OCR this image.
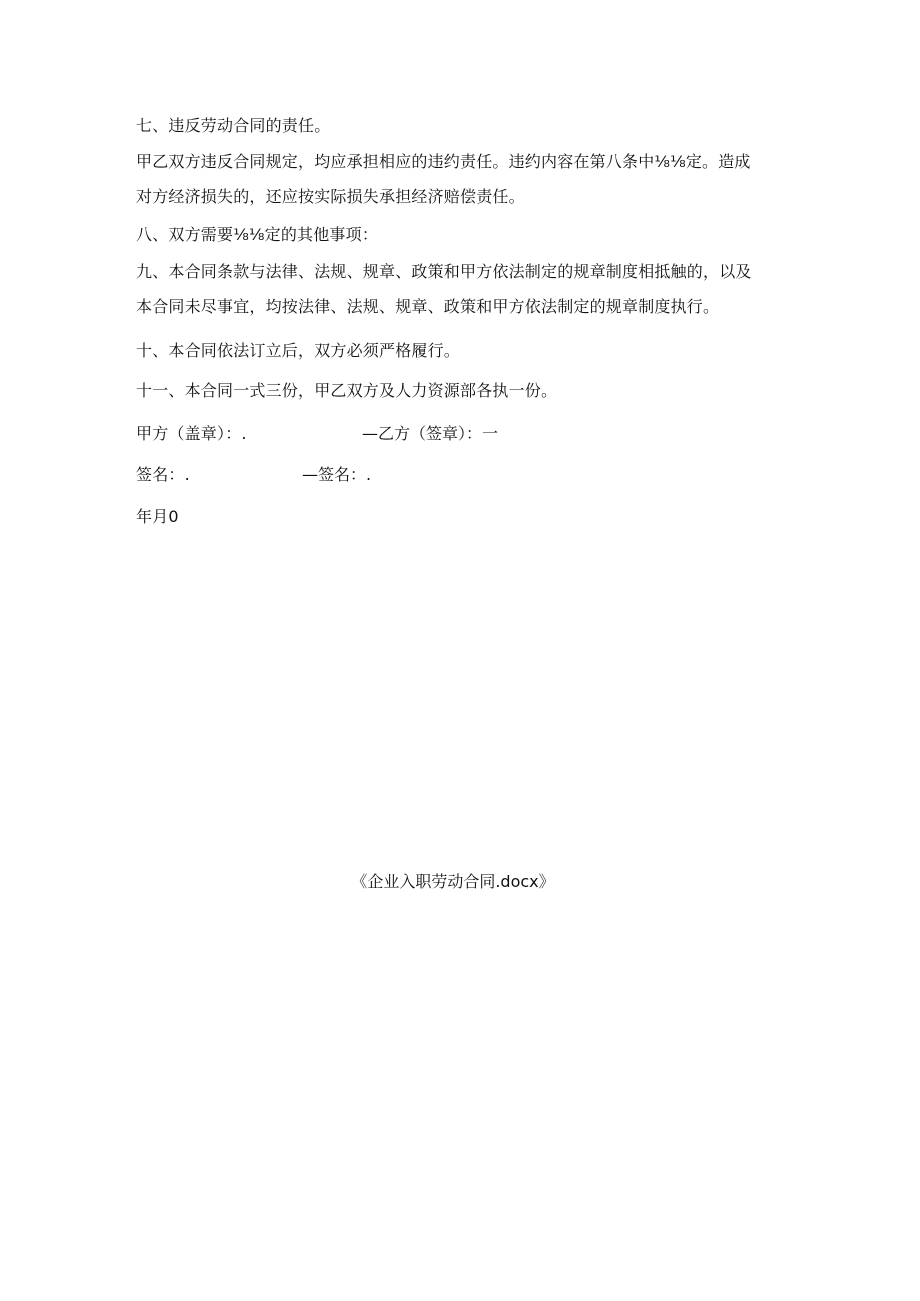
七、违反劳动合同的责任。
甲乙双方违反合同规定，均应承担相应的违约责任。违约内容在第八条中⅛⅛定。造成
对方经济损失的，还应按实际损失承担经济赔偿责任。
八、双方需要⅛⅛定的其他事项：
九、本合同条款与法律、法规、规章、政策和甲方依法制定的规章制度相抵触的，以及
本合同未尽事宜，均按法律、法规、规章、政策和甲方依法制定的规章制度执行。
十、本合同依法订立后，双方必须严格履行。
十一、本合同一式三份，甲乙双方及人力资源部各执一份。
甲方（盖章）：.	—乙方（签章）：一
签名：.	—签名：.
年月0
《企业入职劳动合同.docx》
